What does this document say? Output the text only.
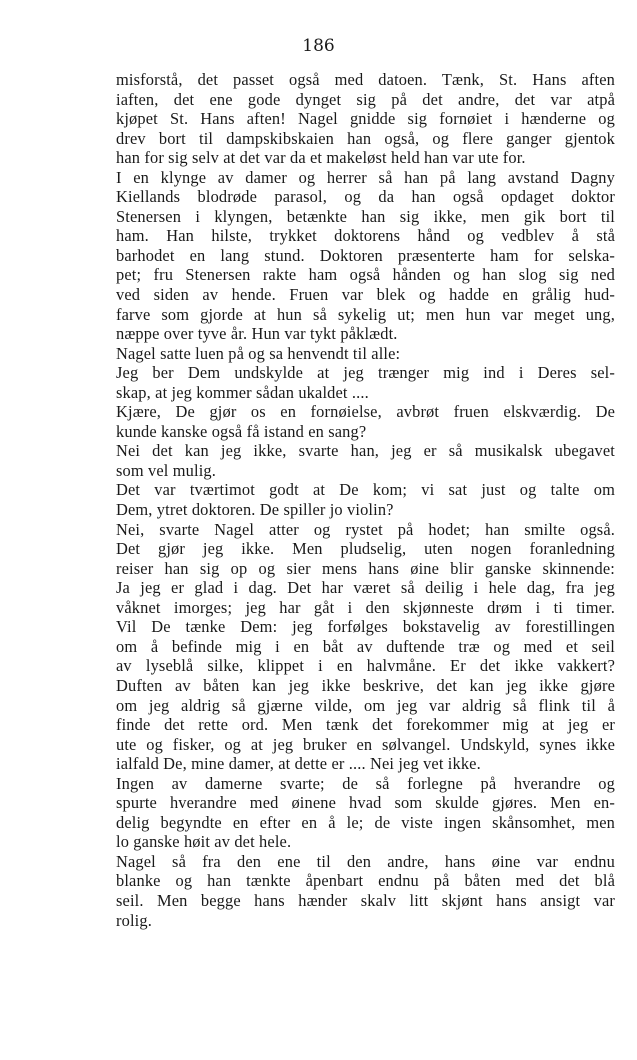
186
misforstå, det passet også med datoen. Tænk, St. Hans aften
iaften, det ene gode dynget sig på det andre, det var atpå
kjøpet St. Hans aften! Nagel gnidde sig fornøiet i hænderne og
drev bort til dampskibskaien han også, og flere ganger gjentok
han for sig selv at det var da et makeløst held han var ute for.
I en klynge av damer og herrer så han på lang avstand Dagny
Kiellands blodrøde parasol, og da han også opdaget doktor
Stenersen i klyngen, betænkte han sig ikke, men gik bort til
ham. Han hilste, trykket doktorens hånd og vedblev å stå
barhodet en lang stund. Doktoren præsenterte ham for selska-
pet; fru Stenersen rakte ham også hånden og han slog sig ned
ved siden av hende. Fruen var blek og hadde en grålig hud-
farve som gjorde at hun så sykelig ut; men hun var meget ung,
næppe over tyve år. Hun var tykt påklædt.
Nagel satte luen på og sa henvendt til alle:
Jeg ber Dem undskylde at jeg trænger mig ind i Deres sel-
skap, at jeg kommer sådan ukaldet ....
Kjære, De gjør os en fornøielse, avbrøt fruen elskværdig. De
kunde kanske også få istand en sang?
Nei det kan jeg ikke, svarte han, jeg er så musikalsk ubegavet
som vel mulig.
Det var tværtimot godt at De kom; vi sat just og talte om
Dem, ytret doktoren. De spiller jo violin?
Nei, svarte Nagel atter og rystet på hodet; han smilte også.
Det gjør jeg ikke. Men pludselig, uten nogen foranledning
reiser han sig op og sier mens hans øine blir ganske skinnende:
Ja jeg er glad i dag. Det har været så deilig i hele dag, fra jeg
våknet imorges; jeg har gåt i den skjønneste drøm i ti timer.
Vil De tænke Dem: jeg forfølges bokstavelig av forestillingen
om å befinde mig i en båt av duftende træ og med et seil
av lyseblå silke, klippet i en halvmåne. Er det ikke vakkert?
Duften av båten kan jeg ikke beskrive, det kan jeg ikke gjøre
om jeg aldrig så gjærne vilde, om jeg var aldrig så flink til å
finde det rette ord. Men tænk det forekommer mig at jeg er
ute og fisker, og at jeg bruker en sølvangel. Undskyld, synes ikke
ialfald De, mine damer, at dette er .... Nei jeg vet ikke.
Ingen av damerne svarte; de så forlegne på hverandre og
spurte hverandre med øinene hvad som skulde gjøres. Men en-
delig begyndte en efter en å le; de viste ingen skånsomhet, men
lo ganske høit av det hele.
Nagel så fra den ene til den andre, hans øine var endnu
blanke og han tænkte åpenbart endnu på båten med det blå
seil. Men begge hans hænder skalv litt skjønt hans ansigt var
rolig.
